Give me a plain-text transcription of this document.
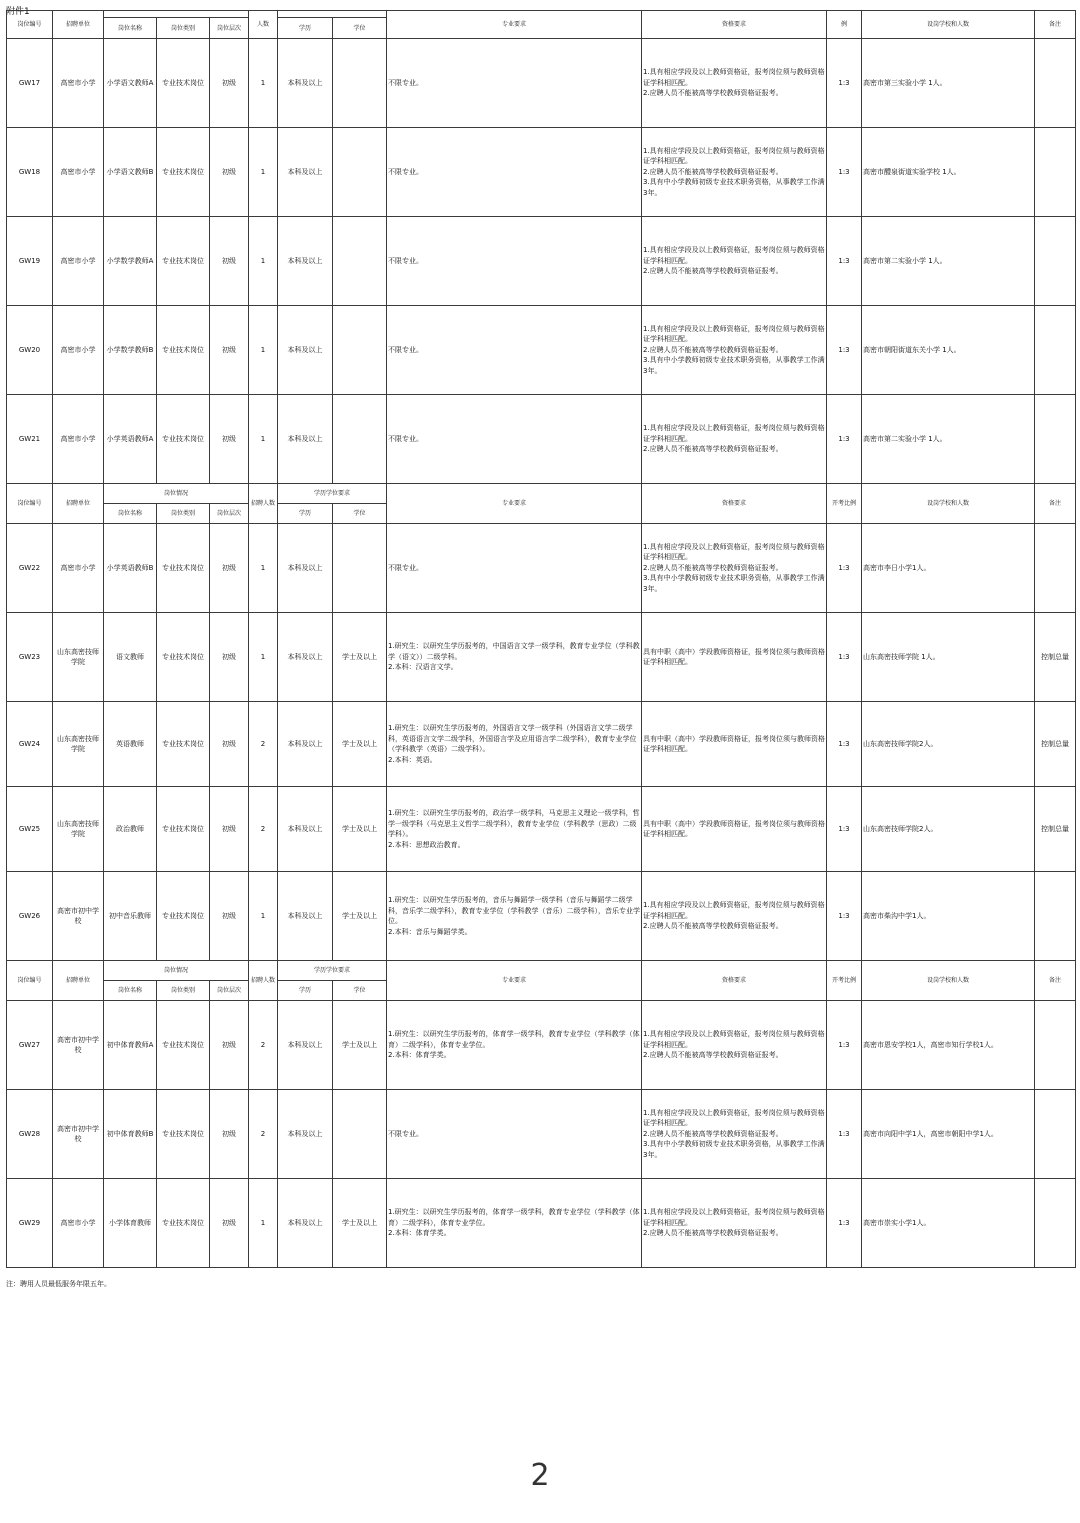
附件1
岗位编号	招聘单位				人数			专业要求	资格要求	例	设岗学校和人数	备注
		岗位名称	岗位类别	岗位层次		学历	学位					
GW17	高密市小学	小学语文教师A	专业技术岗位	初级	1	本科及以上		不限专业。	1.具有相应学段及以上教师资格证，报考岗位须与教师资格证学科相匹配。
2.应聘人员不能被高等学校教师资格证报考。	1:3	高密市第三实验小学 1人。	
GW18	高密市小学	小学语文教师B	专业技术岗位	初级	1	本科及以上		不限专业。	1.具有相应学段及以上教师资格证，报考岗位须与教师资格证学科相匹配。
2.应聘人员不能被高等学校教师资格证报考。
3.具有中小学教师初级专业技术职务资格，从事教学工作满3年。	1:3	高密市醴泉街道实验学校 1人。	
GW19	高密市小学	小学数学教师A	专业技术岗位	初级	1	本科及以上		不限专业。	1.具有相应学段及以上教师资格证，报考岗位须与教师资格证学科相匹配。
2.应聘人员不能被高等学校教师资格证报考。	1:3	高密市第二实验小学 1人。	
GW20	高密市小学	小学数学教师B	专业技术岗位	初级	1	本科及以上		不限专业。	1.具有相应学段及以上教师资格证，报考岗位须与教师资格证学科相匹配。
2.应聘人员不能被高等学校教师资格证报考。
3.具有中小学教师初级专业技术职务资格，从事教学工作满3年。	1:3	高密市朝阳街道东关小学 1人。	
GW21	高密市小学	小学英语教师A	专业技术岗位	初级	1	本科及以上		不限专业。	1.具有相应学段及以上教师资格证，报考岗位须与教师资格证学科相匹配。
2.应聘人员不能被高等学校教师资格证报考。	1:3	高密市第二实验小学 1人。	
岗位编号	招聘单位	岗位情况			招聘人数	学历学位要求		专业要求	资格要求	开考比例	设岗学校和人数	备注
		岗位名称	岗位类别	岗位层次		学历	学位					
GW22	高密市小学	小学英语教师B	专业技术岗位	初级	1	本科及以上		不限专业。	1.具有相应学段及以上教师资格证，报考岗位须与教师资格证学科相匹配。
2.应聘人员不能被高等学校教师资格证报考。
3.具有中小学教师初级专业技术职务资格，从事教学工作满3年。	1:3	高密市李日小学1人。	
GW23	山东高密技师学院	语文教师	专业技术岗位	初级	1	本科及以上	学士及以上	1.研究生：以研究生学历报考的，中国语言文学一级学科，教育专业学位（学科教学（语文））二级学科。
2.本科：汉语言文学。	具有中职（高中）学段教师资格证，报考岗位须与教师资格证学科相匹配。	1:3	山东高密技师学院 1人。	控制总量
GW24	山东高密技师学院	英语教师	专业技术岗位	初级	2	本科及以上	学士及以上	1.研究生：以研究生学历报考的，外国语言文学一级学科（外国语言文学二级学科，英语语言文学二级学科，外国语言学及应用语言学二级学科），教育专业学位（学科教学（英语）二级学科）。
2.本科：英语。	具有中职（高中）学段教师资格证，报考岗位须与教师资格证学科相匹配。	1:3	山东高密技师学院2人。	控制总量
GW25	山东高密技师学院	政治教师	专业技术岗位	初级	2	本科及以上	学士及以上	1.研究生：以研究生学历报考的，政治学一级学科，马克思主义理论一级学科，哲学一级学科（马克思主义哲学二级学科），教育专业学位（学科教学（思政）二级学科）。
2.本科：思想政治教育。	具有中职（高中）学段教师资格证，报考岗位须与教师资格证学科相匹配。	1:3	山东高密技师学院2人。	控制总量
GW26	高密市初中学校	初中音乐教师	专业技术岗位	初级	1	本科及以上	学士及以上	1.研究生：以研究生学历报考的，音乐与舞蹈学一级学科（音乐与舞蹈学二级学科，音乐学二级学科），教育专业学位（学科教学（音乐）二级学科），音乐专业学位。
2.本科：音乐与舞蹈学类。	1.具有相应学段及以上教师资格证，报考岗位须与教师资格证学科相匹配。
2.应聘人员不能被高等学校教师资格证报考。	1:3	高密市柴沟中学1人。	
岗位编号	招聘单位	岗位情况			招聘人数	学历学位要求		专业要求	资格要求	开考比例	设岗学校和人数	备注
		岗位名称	岗位类别	岗位层次		学历	学位					
GW27	高密市初中学校	初中体育教师A	专业技术岗位	初级	2	本科及以上	学士及以上	1.研究生：以研究生学历报考的，体育学一级学科，教育专业学位（学科教学（体育）二级学科），体育专业学位。
2.本科：体育学类。	1.具有相应学段及以上教师资格证，报考岗位须与教师资格证学科相匹配。
2.应聘人员不能被高等学校教师资格证报考。	1:3	高密市恩安学校1人，高密市知行学校1人。	
GW28	高密市初中学校	初中体育教师B	专业技术岗位	初级	2	本科及以上		不限专业。	1.具有相应学段及以上教师资格证，报考岗位须与教师资格证学科相匹配。
2.应聘人员不能被高等学校教师资格证报考。
3.具有中小学教师初级专业技术职务资格，从事教学工作满3年。	1:3	高密市向阳中学1人，高密市朝阳中学1人。	
GW29	高密市小学	小学体育教师	专业技术岗位	初级	1	本科及以上	学士及以上	1.研究生：以研究生学历报考的，体育学一级学科，教育专业学位（学科教学（体育）二级学科），体育专业学位。
2.本科：体育学类。	1.具有相应学段及以上教师资格证，报考岗位须与教师资格证学科相匹配。
2.应聘人员不能被高等学校教师资格证报考。	1:3	高密市崇实小学1人。	
注：聘用人员最低服务年限五年。
2
